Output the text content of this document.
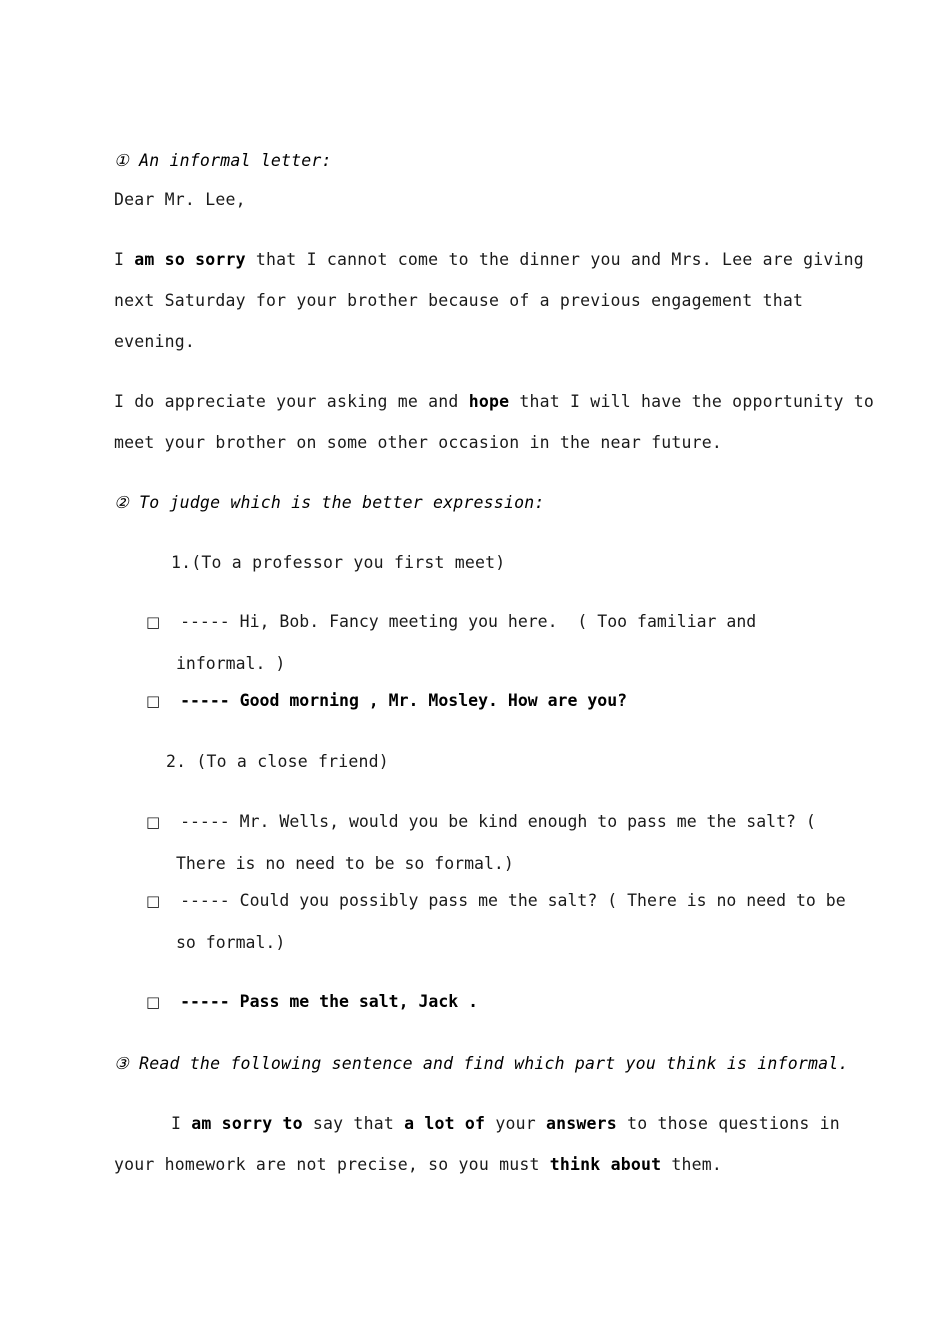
① An informal letter:
Dear Mr. Lee,
I am so sorry that I cannot come to the dinner you and Mrs. Lee are giving
next Saturday for your brother because of a previous engagement that
evening.
I do appreciate your asking me and hope that I will have the opportunity to
meet your brother on some other occasion in the near future.
② To judge which is the better expression:
1.(To a professor you first meet)
□ ----- Hi, Bob. Fancy meeting you here.  ( Too familiar and
informal. )
□ ----- Good morning , Mr. Mosley. How are you?
2. (To a close friend)
□ ----- Mr. Wells, would you be kind enough to pass me the salt? (
There is no need to be so formal.)
□ ----- Could you possibly pass me the salt? ( There is no need to be
so formal.)
□ ----- Pass me the salt, Jack .
③ Read the following sentence and find which part you think is informal.
I am sorry to say that a lot of your answers to those questions in
your homework are not precise, so you must think about them.
